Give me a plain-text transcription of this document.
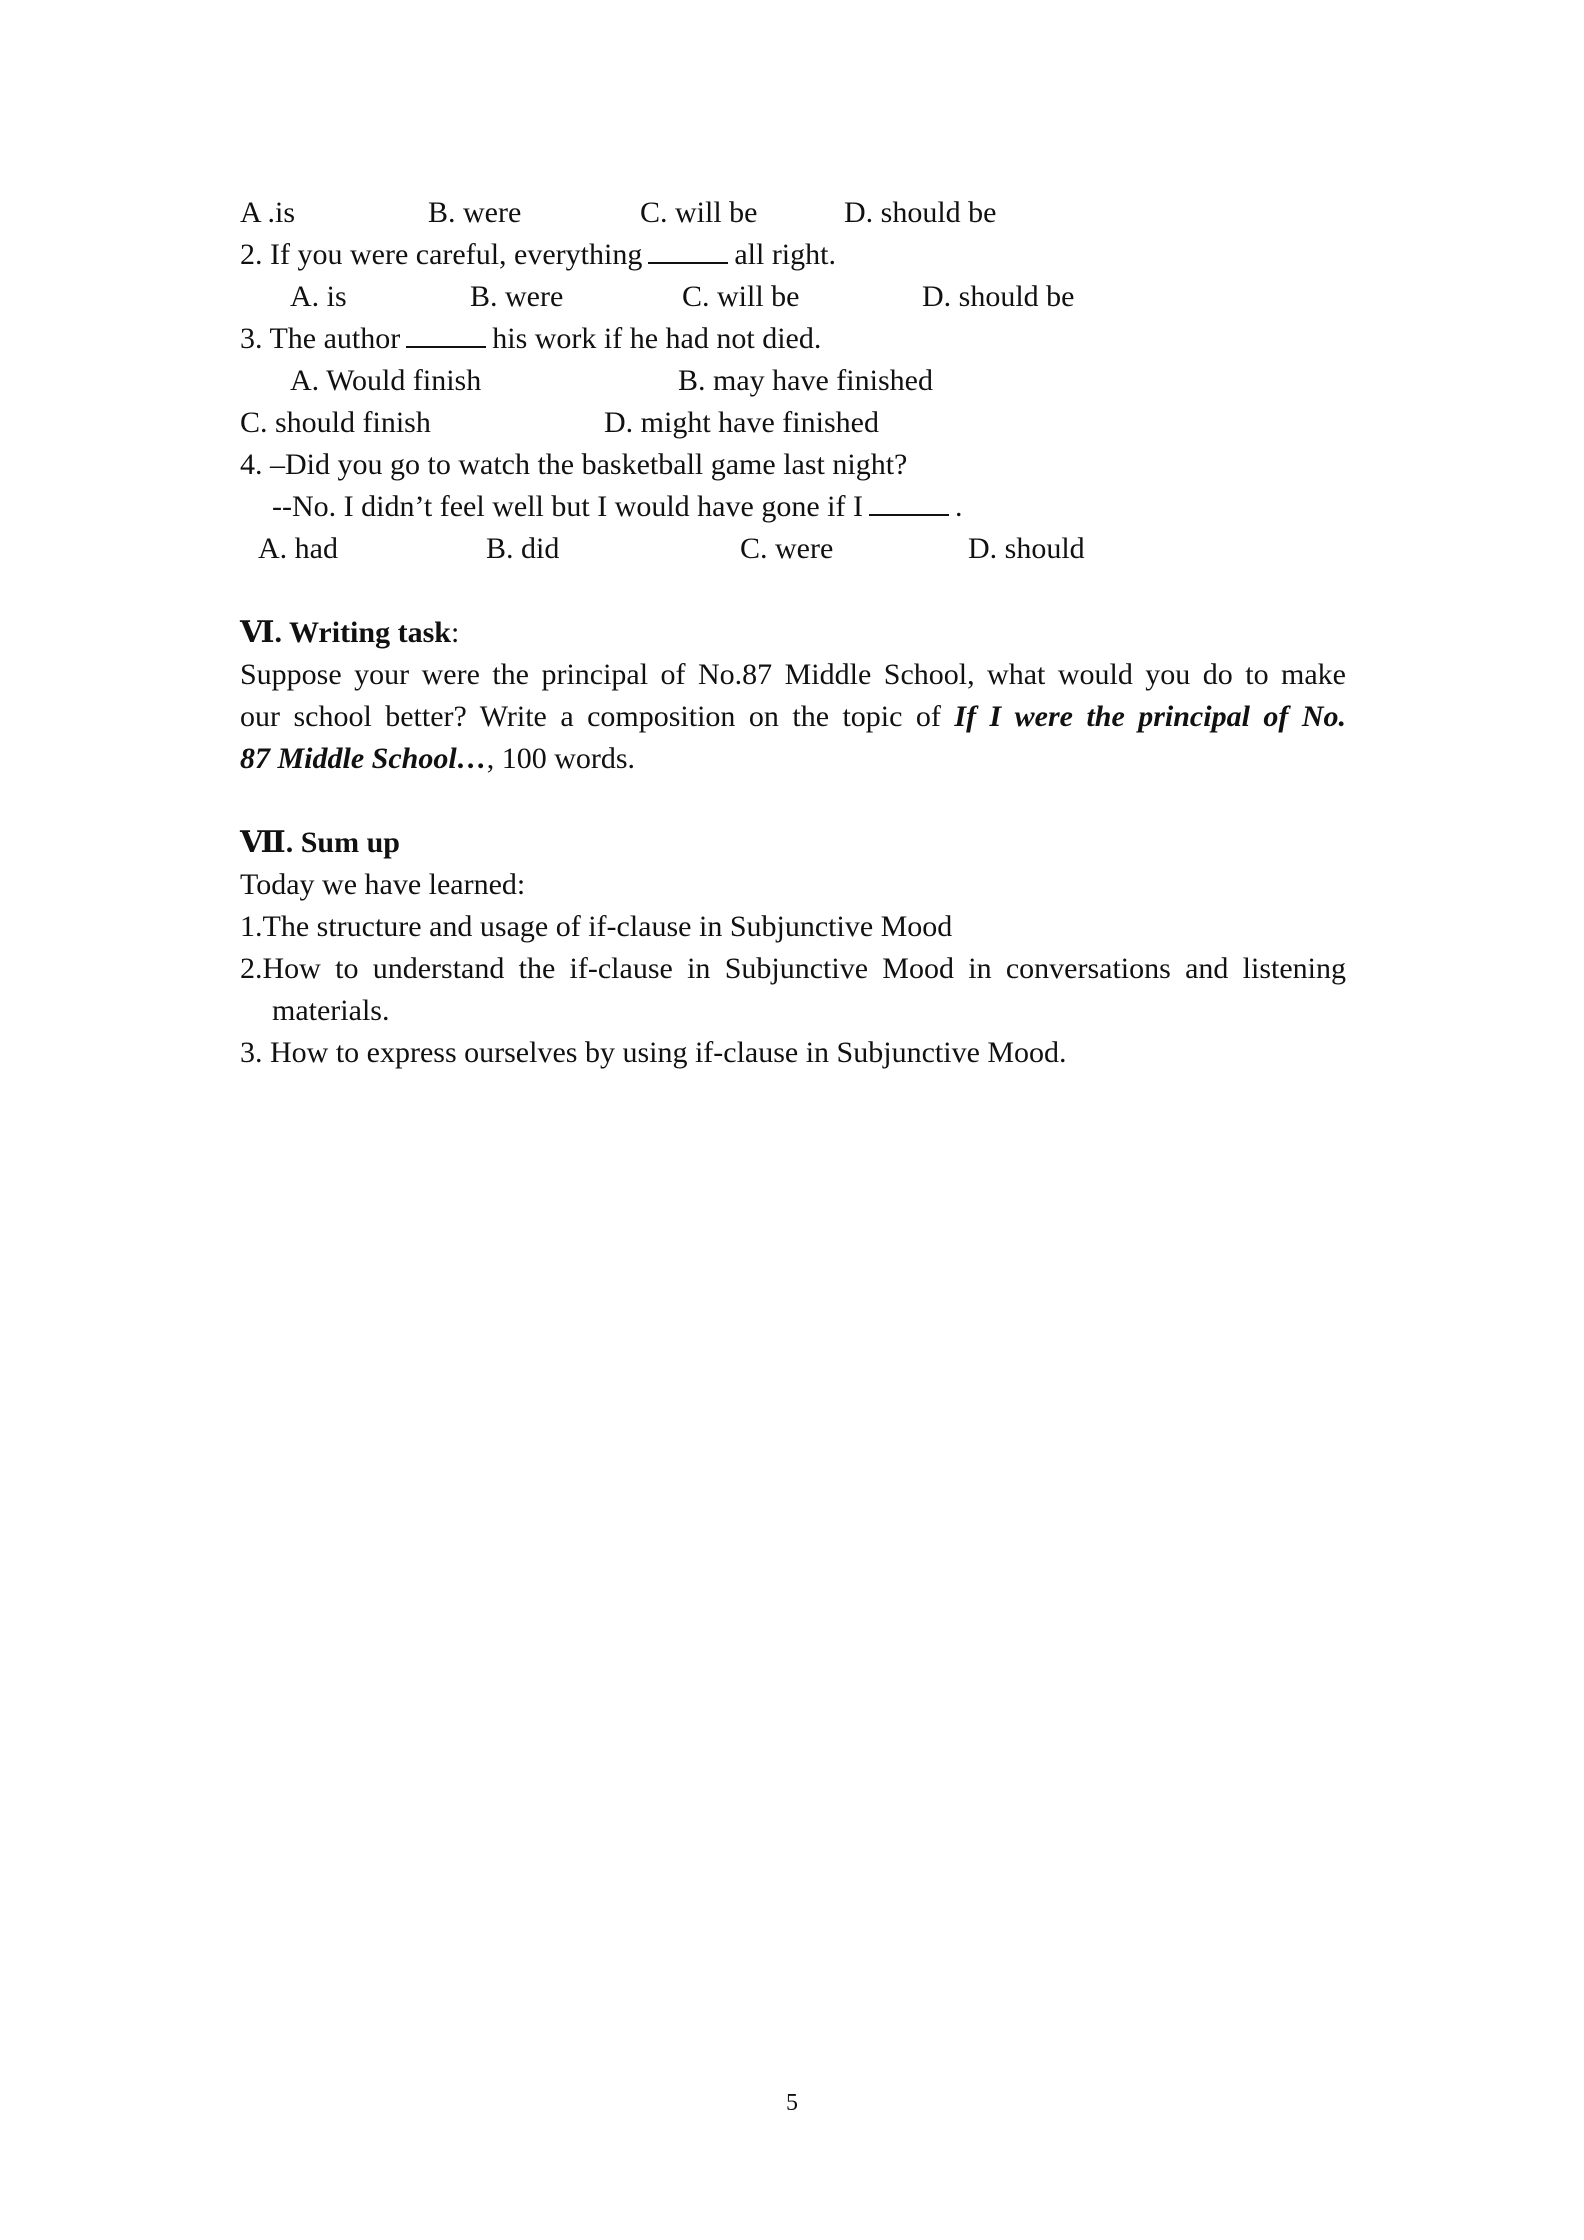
A .is	B. were	C. will be	D. should be
2. If you were careful, everything	all right.
A. is	B. were	C. will be	D. should be
3. The author	his work if he had not died.
A. Would finish	B. may have finished
C. should finish	D. might have finished
4. –Did you go to watch the basketball game last night?
--No. I didn’t feel well but I would have gone if I	.
A. had	B. did	C. were	D. should
Ⅵ. Writing task:
Suppose your were the principal of No.87 Middle School, what would you do to make
our school better? Write a composition on the topic of If I were the principal of No.
87 Middle School…, 100 words.
Ⅶ. Sum up
Today we have learned:
1.The structure and usage of if-clause in Subjunctive Mood
2.How to understand the if-clause in Subjunctive Mood in conversations and listening
materials.
3. How to express ourselves by using if-clause in Subjunctive Mood.
5
